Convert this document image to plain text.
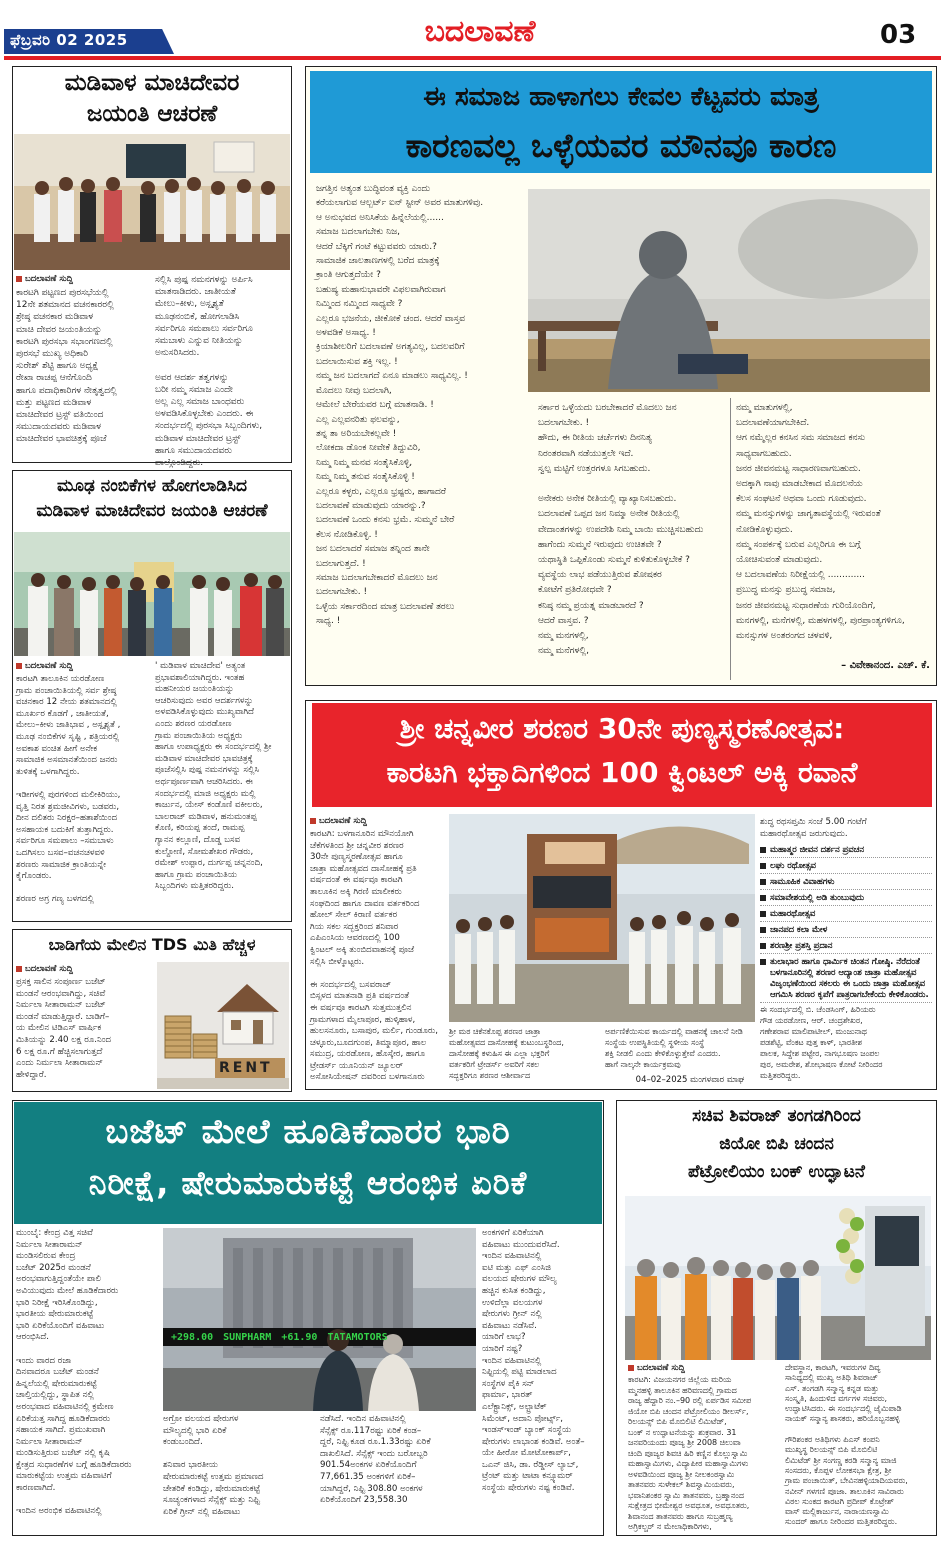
ಫೆಬ್ರವರಿ 02 2025	ಬದಲಾವಣೆ	03
ಮಡಿವಾಳ ಮಾಚಿದೇವರ
ಜಯಂತಿ ಆಚರಣೆ
ಬದಲಾವಣೆ ಸುದ್ದಿ
ಕಾರಟಗಿ ಪಟ್ಟಣದ ಪುರಸಭೆಯಲ್ಲಿ
12ನೇ ಶತಮಾನದ ವಚನಕಾರರಲ್ಲಿ
ಶ್ರೇಷ್ಠ ವಚನಕಾರ ಮಡಿವಾಳ
ಮಾಚಿ ದೇವರ ಜಯಂತಿಯನ್ನು
ಕಾರಟಗಿ ಪುರಸಭಾ ಸಭಾಂಗಣದಲ್ಲಿ
ಪುರಸಭೆ ಮುಖ್ಯ ಅಧಿಕಾರಿ
ಸುರೇಶ್ ಶೆಟ್ಟಿ ಹಾಗೂ ಅಧ್ಯಕ್ಷೆ
ರೇಖಾ ರಾಚಪ್ಪ ಆನೆಗೊಂದಿ
ಹಾಗೂ ಪದಾಧಿಕಾರಿಗಳ ನೇತೃತ್ವದಲ್ಲಿ
ಮತ್ತು ಪಟ್ಟಣದ ಮಡಿವಾಳ
ಮಾಚಿದೇವರ ಟ್ರಸ್ಟ್ ವತಿಯಿಂದ
ಸಮುದಾಯದವರು ಮಡಿವಾಳ
ಮಾಚಿದೇವರ ಭಾವಚಿತ್ರಕ್ಕೆ ಪೂಜೆ
ಸಲ್ಲಿಸಿ ಪುಷ್ಪ ನಮನಗಳನ್ನು ಅರ್ಪಿಸಿ
ಮಾತನಾಡಿದರು. ಜಾತೀಯತೆ
ಮೇಲು–ಕೀಳು, ಅಸ್ಪೃಶ್ಯತೆ
ಮೂಢನಂಬಿಕೆ, ಹೋಗಲಾಡಿಸಿ
ಸರ್ವರಿಗೂ ಸಮಪಾಲು ಸರ್ವರಿಗೂ
ಸಮಬಾಳು ಎನ್ನುವ ನೀತಿಯನ್ನು
ಅನುಸರಿಸಿದರು.

ಅವರ ಆದರ್ಶ ತತ್ವಗಳನ್ನು
ಬರೀ ನಮ್ಮ ಸಮಾಜ ಎಂದೇ
ಅಲ್ಲ ಎಲ್ಲ ಸಮಾಜ ಬಾಂಧವರು
ಅಳವಡಿಸಿಕೊಳ್ಳಬೇಕು ಎಂದರು. ಈ
ಸಂದರ್ಭದಲ್ಲಿ ಪುರಸಭಾ ಸಿಬ್ಬಂದಿಗಳು,
ಮಡಿವಾಳ ಮಾಚಿದೇವರ ಟ್ರಸ್ಟ್
ಹಾಗೂ ಸಮುದಾಯದವರು
ಪಾಲ್ಗೊಂಡಿದ್ದರು.
ಮೂಢ ನಂಬಿಕೆಗಳ ಹೋಗಲಾಡಿಸಿದ
ಮಡಿವಾಳ ಮಾಚಿದೇವರ ಜಯಂತಿ ಆಚರಣೆ
ಬದಲಾವಣೆ ಸುದ್ದಿ
ಕಾರಟಗಿ ತಾಲೂಕಿನ ಯರಡೋಣ
ಗ್ರಾಮ ಪಂಚಾಯಿತಿಯಲ್ಲಿ ಸರ್ವ ಶ್ರೇಷ್ಠ
ವಚನಕಾರ 12 ನೇಯ ಶತಮಾನದಲ್ಲಿ
ಮೂರ್ಖರ ಕೊಡಗೆ , ಜಾತೀಯತೆ,
ಮೇಲು–ಕೀಳು ಜಾತಿಭಾವ , ಅಸ್ಪೃಶ್ಯತೆ ,
ಮೂಢ ನಂಬಿಕೆಗಳ ಸೃಷ್ಟಿ , ಶತ್ರಿಯರಲ್ಲಿ
ಅವಕಾಶ ವಂಚಿತ ಹೀಗೆ ಅನೇಕ
ಸಾಮಾಜಿಕ ಅಸಮಾನತೆಯಿಂದ ಜನರು
ತುಳಿತಕ್ಕೆ ಒಳಗಾಗಿದ್ದರು.

ಇಡೀಗಳಲ್ಲಿ ಪುರಗಳಿಂದ ಮಲೀಕಿರಿಯು,
ವೃತ್ತಿ ನಿರತ ಶ್ರಮಜೀವಿಗಳು, ಬಡವರು,
ದೀನ ದಲಿತರು ನಿರಕ್ಷರ–ಹತಾಶೆಯಿಂದ
ಅಸಹಾಯಕ ಬದುಕಿಗೆ ತುತ್ತಾಗಿದ್ದರು.
ಸರ್ವರಿಗೂ ಸಮಪಾಲು –ಸಮಬಾಳು
ಒದಗಿಸಲು ಬಸವ–ವಚನಚಳವಳಿ
ಶರಣರು ಸಾಮಾಜಿಕ ಕ್ರಾಂತಿಯನ್ನೇ
ಕೈಗೊಂಡರು.

ಶರಣರ ಅಗ್ರ ಗಣ್ಯ ಬಳಗದಲ್ಲಿ
' ಮಡಿವಾಳ ಮಾಚಿದೇವ' ಅತ್ಯಂತ
ಪ್ರಭಾವಶಾಲಿಯಾಗಿದ್ದರು. ಇಂತಹ
ಮಹನೀಯರ ಜಯಂತಿಯನ್ನು
ಆಚರಿಸುವುದು ಅವರ ಆದರ್ಶಗಳನ್ನು
ಅಳವಡಿಸಿಕೊಳ್ಳುವುದು ಮುಖ್ಯವಾಗಿದೆ
ಎಂದು ಶರಣರ ಯರಡೋಣ
ಗ್ರಾಮ ಪಂಚಾಯಿತಿಯ ಅಧ್ಯಕ್ಷರು
ಹಾಗೂ ಉಪಾಧ್ಯಕ್ಷರು ಈ ಸಂದರ್ಭದಲ್ಲಿ ಶ್ರೀ
ಮಡಿವಾಳ ಮಾಚಿದೇವರ ಭಾವಚಿತ್ರಕ್ಕೆ
ಪೂಜೆಸಲ್ಲಿಸಿ ಪುಷ್ಪ ನಮನಗಳನ್ನು ಸಲ್ಲಿಸಿ
ಅರ್ಥಪೂರ್ಣವಾಗಿ ಆಚರಿಸಿದರು. ಈ
ಸಂದರ್ಭದಲ್ಲಿ ಮಾಜಿ ಅಧ್ಯಕ್ಷರು ಮಲ್ಲಿ
ಕಾರ್ಜುನ, ಯೇಸ್ ಕಂಡೊಣಿ ವಕೀಲರು,
ಬಾಲರಾಜ್ ಮಡಿವಾಳ, ಹನುಮಂತಪ್ಪ
ಕೊಣಿ, ಕರಿಯಪ್ಪ ತಂದೆ, ರಾಮಪ್ಪ
ಗ್ಯಾನನ ಕಲ್ಲೂಣಿ, ದೊಡ್ಡ ಬಸವ
ಕುಲ್ದೋಣಿ, ಸೋಮಶೇಖರ ಗೌಡರು,
ರಮೇಶ್ ಉಪ್ಪಾರ, ದುರ್ಗಪ್ಪ ಚನ್ನನಂದಿ,
ಹಾಗೂ ಗ್ರಾಮ ಪಂಚಾಯಿತಿಯ
ಸಿಬ್ಬಂದಿಗಳು ಮತ್ತಿತರರಿದ್ದರು.
ಬಾಡಿಗೆಯ ಮೇಲಿನ TDS ಮಿತಿ ಹೆಚ್ಚಳ
ಬದಲಾವಣೆ ಸುದ್ದಿ
ಪ್ರಸಕ್ತ ಸಾಲಿನ ಸಂಪೂರ್ಣ ಬಜೆಟ್
ಮಂಡನೆ ಆರಂಭವಾಗಿದ್ದು, ಸಚಿವೆ
ನಿರ್ಮಲಾ ಸೀತಾರಾಮನ್ ಬಜೆಟ್
ಮಂಡನೆ ಮಾಡುತ್ತಿದ್ದಾರೆ. ಬಾಡಿಗೆ–
ಯ ಮೇಲಿನ ಟಿಡಿಎಸ್ ವಾರ್ಷಿಕ
ಮಿತಿಯನ್ನು 2.40 ಲಕ್ಷ ರೂ.ನಿಂದ
6 ಲಕ್ಷ ರೂ.ಗೆ ಹೆಚ್ಚಿಸಲಾಗುತ್ತದೆ
ಎಂದು ನಿರ್ಮಲಾ ಸೀತಾರಾಮನ್
ಹೇಳಿದ್ದಾರೆ.	RENT
ಈ ಸಮಾಜ ಹಾಳಾಗಲು ಕೇವಲ ಕೆಟ್ಟವರು ಮಾತ್ರ
ಕಾರಣವಲ್ಲ ಒಳ್ಳೆಯವರ ಮೌನವೂ ಕಾರಣ
ಜಗತ್ತಿನ ಅತ್ಯಂತ ಬುದ್ಧಿವಂತ ವ್ಯಕ್ತಿ ಎಂದು
ಕರೆಯಲಾಗುವ ಆಲ್ಬರ್ಟ್ ಐನ್ ಸ್ಟೀನ್ ಅವರ ಮಾತುಗಳಿವು.
ಆ ಅನುಭವದ ಅನಿಸಿಕೆಯ ಹಿನ್ನೆಲೆಯಲ್ಲಿ......
ಸಮಾಜ ಬದಲಾಗಬೇಕು ನಿಜ,
ಆದರೆ ಬೆಕ್ಕಿಗೆ ಗಂಟೆ ಕಟ್ಟುವವರು ಯಾರು.?
ಸಾಮಾಜಿಕ ಜಾಲತಾಣಗಳಲ್ಲಿ ಬರೆದ ಮಾತ್ರಕ್ಕೆ
ಕ್ರಾಂತಿ ಆಗುತ್ತದೆಯೇ ?
ಬಹುಷ್ಯ ಮಹಾನುಭಾವರೇ ವಿಫಲವಾಗಿರುವಾಗ
ನಿಮ್ಮಿಂದ ನಮ್ಮಿಂದ ಸಾಧ್ಯವೇ ?
ಎಲ್ಲರೂ ಭಜನೆಯ, ಜೀಕೋಕೆ ಚಂದ. ಆದರೆ ವಾಸ್ತವ
ಅಳವಡಿಕೆ ಅಸಾಧ್ಯ. !
ಕ್ರಿಯಾಶೀಲರಿಗೆ ಬದಲಾವಣೆ ಅಗತ್ಯವಿಲ್ಲ, ಬದಲವರಿಗೆ
ಬದಲಾಯಿಸುವ ಶಕ್ತಿ ಇಲ್ಲ. !
ನಮ್ಮ ಜನ ಬದಲಾಗದೆ ಏನೂ ಮಾಡಲು ಸಾಧ್ಯವಿಲ್ಲ. !
ಮೊದಲು ನೀವು ಬದಲಾಗಿ,
ಆಮೇಲೆ ಬೇರೆಯವರ ಬಗ್ಗೆ ಮಾತನಾಡಿ. !
ಎಲ್ಲ ಎಲ್ಲವನರಿತು ಫಲವನ್ನು,
ತನ್ನ ತಾ ಅರಿಯಬೇಕಲ್ಲವೇ !
ಲೋಕದಾ ಡೊಂಕ ನೀವೇಕೆ ತಿದ್ದುವಿರಿ,
ನಿಮ್ಮ ನಿಮ್ಮ ಮನವ ಸಂತೈಸಿಕೊಳ್ಳಿ,
ನಿಮ್ಮ ನಿಮ್ಮ ತನುವ ಸಂತೈಸಿಕೊಳ್ಳಿ !
ಎಲ್ಲರೂ ಕಳ್ಳರು, ಎಲ್ಲರೂ ಭ್ರಷ್ಟರು, ಹಾಗಾದರೆ
ಬದಲಾವಣೆ ಮಾಡುವುದು ಯಾರನ್ನು.?
ಬದಲಾವಣೆ ಒಂದು ಕನಸು ಭ್ರಮೆ. ಸುಮ್ಮನೆ ಬೇರೆ
ಕೆಲಸ ನೋಡಿಕೊಳ್ಳಿ. !
ಜನ ಬದಲಾದರೆ ಸಮಾಜ ತನ್ನಿಂದ ತಾನೇ
ಬದಲಾಗುತ್ತದೆ. !
ಸಮಾಜ ಬದಲಾಗಬೇಕಾದರೆ ಮೊದಲು ಜನ
ಬದಲಾಗಬೇಕು. !
ಒಳ್ಳೆಯ ಸರ್ಕಾರದಿಂದ ಮಾತ್ರ ಬದಲಾವಣೆ ತರಲು
ಸಾಧ್ಯ. !
ಸರ್ಕಾರ ಒಳ್ಳೆಯದು ಬರಬೇಕಾದರೆ ಮೊದಲು ಜನ
ಬದಲಾಗಬೇಕು. !
ಹೌದು, ಈ ರೀತಿಯ ಚರ್ಚೆಗಳು ದಿನನಿತ್ಯ
ನಿರಂತರವಾಗಿ ನಡೆಯುತ್ತಲೇ ಇದೆ.
ಸ್ವಲ್ಪ ಮಟ್ಟಿಗೆ ಉತ್ತರಗಳೂ ಸಿಗಬಹುದು.

ಅನೇಕರು ಅನೇಕ ರೀತಿಯಲ್ಲಿ ವ್ಯಾಖ್ಯಾನಿಸಬಹುದು.
ಬದಲಾವಣೆ ಒಪ್ಪದ ಜನ ನಿಮ್ಮಾ ಅನೇಕ ರೀತಿಯಲ್ಲಿ
ವೇದಾಂತಗಳನ್ನು ಉಪದೇಶಿ ನಿಮ್ಮ ಬಾಯಿ ಮುಚ್ಚಿಸಬಹುದು
ಹಾಗೆಂದು ಸುಮ್ಮನೆ ಇರುವುದು ಉಚಿತವೇ ?
ಯಥಾಸ್ಥಿತಿ ಒಪ್ಪಿಕೊಂಡು ಸುಮ್ಮನೆ ಕುಳಿತುಕೊಳ್ಳಬೇಕೆ ?
ವ್ಯವಸ್ಥೆಯ ಲಾಭ ಪಡೆಯುತ್ತಿರುವ ಶೋಷಕರ
ಕೋಟೆಗೆ ಪ್ರತಿರೋಧವೇ ?
ಕನಿಷ್ಠ ನಮ್ಮ ಪ್ರಯತ್ನ ಮಾಡಬಾರದೆ ?
ಆದರೆ ವಾಸ್ತವ. ?
ನಮ್ಮ ಮನಗಳಲ್ಲಿ,
ನಮ್ಮ ಮನೆಗಳಲ್ಲಿ,
ನಮ್ಮ ಮಾತುಗಳಲ್ಲಿ,
ಬದಲಾವಣೆಯಾಗಬೇಕಿದೆ.
ಆಗ ನಮ್ಮೆಲ್ಲರ ಕನಸಿನ ಸಮ ಸಮಾಜದ ಕನಸು
ಸಾಧ್ಯವಾಗಬಹುದು.
ಜನರ ಜೀವನಮಟ್ಟ ಸಾಧಾರಣವಾಗಬಹುದು.
ಅದಕ್ಕಾಗಿ ನಾವು ಮಾಡಬೇಕಾದ ಮೊದಲನೆಯ
ಕೆಲಸ ಸಂಘಟನೆ ಅಥವಾ ಒಂದು ಗೂಡುವುದು.
ನಮ್ಮ ಮನಸ್ಸುಗಳನ್ನು ಜಾಗೃತಾವಸ್ಥೆಯಲ್ಲಿ ಇರುವಂತೆ
ನೋಡಿಕೊಳ್ಳುವುದು.
ನಮ್ಮ ಸಂಪರ್ಕಕ್ಕೆ ಬರುವ ಎಲ್ಲರಿಗೂ ಈ ಬಗ್ಗೆ
ಯೋಚಿಸುವಂತೆ ಮಾಡುವುದು.
ಆ ಬದಲಾವಣೆಯ ನಿರೀಕ್ಷೆಯಲ್ಲಿ .............
ಪ್ರಬುದ್ಧ ಮನಸ್ಸು ಪ್ರಬುದ್ಧ ಸಮಾಜ,
ಜನರ ಜೀವನಮಟ್ಟ ಸುಧಾರಣೆಯ ಗುರಿಯೊಂದಿಗೆ,
ಮನಗಳಲ್ಲಿ, ಮನೆಗಳಲ್ಲಿ, ಮಹಳಗಳಲ್ಲಿ, ಪುರಪ್ರಾಂತ್ಯಗಳಿಗೂ,
ಮನಸ್ಸುಗಳ ಅಂತರಂಗದ ಚಳವಳಿ,
– ವಿವೇಕಾನಂದ. ಎಚ್. ಕೆ.
ಶ್ರೀ ಚನ್ನವೀರ ಶರಣರ 30ನೇ ಪುಣ್ಯಸ್ಮರಣೋತ್ಸವ:
ಕಾರಟಗಿ ಭಕ್ತಾದಿಗಳಿಂದ 100 ಕ್ವಿಂಟಲ್ ಅಕ್ಕಿ ರವಾನೆ
ಬದಲಾವಣೆ ಸುದ್ದಿ
ಕಾರಟಗಿ: ಬಳಗಾನೂರಿನ ಮೌನಯೋಗಿ
ಚೆಕೆಗಳತಿಂದ ಶ್ರೀ ಚನ್ನವೀರ ಶರಣರ
30ನೇ ಪುಣ್ಯಸ್ಮರಣೋತ್ಸವ ಹಾಗೂ
ಜಾತ್ರಾ ಮಹೋತ್ಸವದ ದಾಸೋಹಕ್ಕೆ ಪ್ರತಿ
ವರ್ಷದಂತೆ ಈ ವರ್ಷವೂ ಕಾರಟಗಿ
ತಾಲೂಕಿನ ಅಕ್ಕಿ ಗಿರಣಿ ಮಾಲೀಕರು
ಸಂಘದಿಂದ ಹಾಗೂ ದಾವಣ ವರ್ತಕರಿಂದ
ಹೋಲ್ ಸೇಲ್ ಕಿರಾಣಿ ವರ್ತಕರ
ಗಿಯ ಸಕಲ ಸದ್ಭಕ್ತರಿಂದ ಶನಿವಾರ
ಎಪಿಎಂಸಿಯ ಆವರಣದಲ್ಲಿ 100
ಕ್ವಿಂಟಲ್ ಅಕ್ಕಿ ತುಂಬಿದವಾಹನಕ್ಕೆ ಪೂಜೆ
ಸಲ್ಲಿಸಿ ಬೀಳ್ಕೊಟ್ಟರು.

ಈ ಸಂದರ್ಭದಲ್ಲಿ ಬಸವರಾಜ್
ಬಿಸ್ಸಳದ ಮಾತನಾಡಿ ಪ್ರತಿ ವರ್ಷದಂತೆ
ಈ ವರ್ಷವೂ ಕಾರಟಗಿ ಸುತ್ತಮುತ್ತಲಿನ
ಗ್ರಾಮಗಳಾದ ಮೈಲಾಪೂರ, ಹುಳ್ಕಿಹಾಳ,
ಹುಲಸನೂರು, ಬಸಾಪುರ, ಮರ್ಲಿ, ಗುಂಡೂರು,
ಚಳ್ಳೂರು,ಬೂದಗುಂಪ, ತಿಮ್ಮಾಪೂರ, ಹಾಲ
ಸಮುದ್ರ, ಯರಡೋಣ, ಹೊಸ್ಕೇರ, ಹಾಗೂ
ಟ್ರೇಡರ್ಸ್ ಯೂನಿಯನ್ ಜ್ಯೂಲರ್
ಅಸೋಸಿಯೇಷನ್ ದವರಿಂದ ಬಳಗಾನೂರು
ಶ್ರೀ ಮಠ ಚಿಕೆನಕೊಪ್ಪ ಶರಣರ ಜಾತ್ರಾ
ಮಹೋತ್ಸವದ ದಾಸೋಹಕ್ಕೆ ಕುಟುಂಬಸ್ಥರಿಂದ,
ದಾಸೋಹಕ್ಕೆ ಕಳುಹಿಸ ಈ ಎಲ್ಲಾ ಭಕ್ತರಿಗೆ
ವರ್ತಕರಿಗೆ ಟ್ರೇಡರ್ಸ್ ಅವರಿಗೆ ಸಕಲ
ಸದ್ಭಕ್ತರಿಗೂ ಶರಣರ ಆಶೀರ್ವಾದ
ಅರ್ಪಣಿಕೆಯಿಸುವ ಕಾರ್ಯದಲ್ಲಿ ವಾಹನಕ್ಕೆ ಚಾಲನೆ ನೀಡಿ
ಸಂಸ್ಥೆಯ ಉಪಸ್ಥಿತಿಯಲ್ಲಿ ಸ್ಥಳೀಯ ಸಂಸ್ಥೆ
ಶಕ್ತಿ ನೀಡಲಿ ಎಂದು ಕೇಳಿಕೊಳ್ಳುತ್ತೇವೆ ಎಂದರು.
ಹಾಗೆ ನಾಲ್ಕನೇ ಕಾರ್ಯಕ್ರಮವು
04–02–2025 ಮಂಗಳವಾರ ಮಾಘ
ಶುದ್ಧ ರಥಸಪ್ತಮಿ ಸಂಜೆ 5.00 ಗಂಟೆಗೆ
ಮಹಾರಥೋತ್ಸವ ಜರುಗುವುದು.
ಮಹಾತ್ಮರ ಜೀವನ ದರ್ಶನ ಪ್ರವಚನ
ಲಘು ರಥೋತ್ಸವ
ಸಾಮೂಹಿಕ ವಿವಾಹಗಳು
ಸಮಾವೇಶಯಲ್ಲಿ ಅಡಿ ತುಂಬುವುದು
ಮಹಾರಥೋತ್ಸವ
ಜಾನಪದ ಕಲಾ ಮೇಳ
ಶರಣಶ್ರೀ ಪ್ರಶಸ್ತಿ ಪ್ರದಾನ
ತುಲಾಭಾರ ಹಾಗೂ ಧಾರ್ಮಿಕ ಚಿಂತನ ಗೋಷ್ಠಿ. ನೆರೆದಂತೆ ಬಳಗಾನೂರಿನಲ್ಲಿ ಶರಣರ ಆದ್ಯಾಂಶ ಜಾತ್ರಾ ಮಹೋತ್ಸವ ವಿಜೃಂಭಣೆಯಿಂದ ಸಕಲರು ಈ ಒಂದು ಜಾತ್ರಾ ಮಹೋತ್ಸವ ಆಗಮಿಸಿ ಶರಣರ ಕೃಪೆಗೆ ಪಾತ್ರರಾಗಬೇಕೆಂದು ಕೇಳಿಕೊಂಡರು.
ಈ ಸಂದರ್ಭದಲ್ಲಿ ಬಿ. ಚೆಂಡಸಿಂಗ್, ಹಿರಿಯರು
ಗೌಡ ಯರಡೋಣ, ಆರ್. ಚಂದ್ರಶೇಖರ,
ಗಣೇಶರಾವ ಮಾಲಿಪಾಟೀಲ್, ಮಂಜುನಾಥ
ಪಡಶೆಟ್ಟಿ, ವೆಂಕಟ ಪುತ್ತ ಕಾಳ್, ಭಾರತೀಶ
ಪಾಲಕ, ಸಿದ್ದೇಶ ಪಟ್ಟೇರ, ನಾಗಭೂಷಣ ಜಂಪಲ
ಪುರ, ಅಮರೇಶ, ಶೋಭಾಷಣ ಕೋಟೆ ನೀರಿಂದರ
ಮತ್ತಿತರರಿದ್ದರು.
ಬಜೆಟ್ ಮೇಲೆ ಹೂಡಿಕೆದಾರರ ಭಾರಿ
ನಿರೀಕ್ಷೆ, ಷೇರುಮಾರುಕಟ್ಟೆ ಆರಂಭಿಕ ಏರಿಕೆ
ಮುಂಬೈ: ಕೇಂದ್ರ ವಿತ್ತ ಸಚಿವೆ
ನಿರ್ಮಲಾ ಸೀತಾರಾಮನ್
ಮಂಡಿಸಲಿರುವ ಕೇಂದ್ರ
ಬಜೆಟ್ 2025ರ ಮಂಡನೆ
ಅರಂಭವಾಗುತ್ತಿದ್ದಂತೆಯೇ ಪಾಲಿ
ಅವಿಯುವುದು ಮೇಲೆ ಹೂಡಿಕೆದಾರರು
ಭಾರಿ ನಿರೀಕ್ಷೆ ಇರಿಸಿಕೊಂಡಿದ್ದು,
ಭಾರತೀಯ ಷೇರುಮಾರುಕಟ್ಟೆ
ಭಾರಿ ಏರಿಕೆಯೊಂದಿಗೆ ವಹಿವಾಟು
ಆರಂಭಿಸಿದೆ.

ಇಂದು ವಾರದ ರಜಾ
ದಿನವಾದರೂ ಬಜೆಟ್ ಮಂಡನೆ
ಹಿನ್ನಲೆಯಲ್ಲಿ ಷೇರುಮಾರುಕಟ್ಟೆ
ಚಾಲ್ತಿಯಲ್ಲಿದ್ದು, ಸ್ಥಾಪಿತ ನಲ್ಲಿ
ಅರಂಭವಾದ ವಹಿವಾಟಿನಲ್ಲಿ ಕ್ರಮೇಣ
ಏರಿಕೆಯತ್ತ ಸಾಗಿದ್ದ ಹೂಡಿಕೆದಾರರು
ಸಹಾಯಕ ಸಾಗಿದೆ. ಪ್ರಮುಖವಾಗಿ
ನಿರ್ಮಲಾ ಸೀತಾರಾಮನ್
ಮಂಡಿಸುತ್ತಿರುವ ಬಜೆಟ್ ನಲ್ಲಿ ಕೃಷಿ
ಕ್ಷೇತ್ರದ ಸುಧಾರಣೆಗಳ ಬಗ್ಗೆ ಹೂಡಿಕೆದಾರರು
ಮಾರುಕಟ್ಟೆಯ ಉತ್ತಮ ವಹಿವಾಟಿಗೆ
ಕಾರಣವಾಗಿದೆ.

ಇಂದಿನ ಅರಂಭಿಕ ವಹಿವಾಟಿನಲ್ಲಿ
+298.00 SUNPHARM +61.90 TATAMOTORS
ಅಗ್ರೋ ವಲಯದ ಷೇರುಗಳ
ಮೌಲ್ಯದಲ್ಲಿ ಭಾರಿ ಏರಿಕೆ
ಕಂಡುಬಂದಿದೆ.

ಶನಿವಾರ ಭಾರತೀಯ
ಷೇರುಮಾರುಕಟ್ಟೆ ಉತ್ತಮ ಪ್ರಮಾಣದ
ಚೇತರಿಕೆ ಕಂಡಿದ್ದು, ಷೇರುಮಾರುಕಟ್ಟೆ
ಸೂಚ್ಯಂಕಗಳಾದ ಸೆನ್ಸೆಕ್ಸ್ ಮತ್ತು ನಿಫ್ಟಿ
ಏರಿಕೆ ಗ್ರೀನ್ ನಲ್ಲಿ ವಹಿವಾಟು
ನಡೆಸಿದೆ. ಇಂದಿನ ವಹಿವಾಟಿನಲ್ಲಿ
ಸೆನ್ಸೆಕ್ಸ್ ರೂ.117ರಷ್ಟು ಏರಿಕೆ ಕಂಡ–
ದ್ದರೆ, ನಿಫ್ಟಿ ಕೂಡ ರೂ.1.33ರಷ್ಟು ಏರಿಕೆ
ದಾಖಲಿಸಿದೆ. ಸೆನ್ಸೆಕ್ಸ್ ಇಂದು ಬರೋಬ್ಬರಿ
901.54ಅಂಕಗಳ ಏರಿಕೆಯೊಂದಿಗೆ
77,661.35 ಅಂಕಗಳಿಗೆ ಏರಿಕೆ–
ಯಾಗಿದ್ದರೆ, ನಿಫ್ಟಿ 308.80 ಅಂಕಗಳ
ಏರಿಕೆಯೊಂದಿಗೆ 23,558.30
ಅಂಕಗಳಿಗೆ ಏರಿಕೆಯಾಗಿ
ವಹಿವಾಟು ಮುಂದುವರೆಸಿದೆ.
ಇಂದಿನ ವಹಿವಾಟಿನಲ್ಲಿ
ಐಟಿ ಮತ್ತು ಎಫ್ ಎಂಸಿಜಿ
ವಲಯದ ಷೇರುಗಳ ಮೌಲ್ಯ
ಹಚ್ಚಿನ ಕುಸಿತ ಕಂಡಿದ್ದು,
ಉಳಿದೆಲ್ಲಾ ವಲಯಗಳ
ಷೇರುಗಳು ಗ್ರೀನ್ ನಲ್ಲಿ
ವಹಿವಾಟು ನಡೆಸಿವೆ.
ಯಾರಿಗೆ ಲಾಭ?
ಯಾರಿಗೆ ನಷ್ಟ?
ಇಂದಿನ ವಹಿವಾಟಿನಲ್ಲಿ
ನಿಫ್ಟಿಯಲ್ಲಿ ಪಟ್ಟಿ ಮಾಡಲಾದ
ಸಂಸ್ಥೆಗಳ ಪೈಕಿ ಸನ್
ಫಾರ್ಮಾ, ಭಾರತ್
ಎಲೆಕ್ಟ್ರಾನಿಕ್ಸ್, ಅಲ್ಟ್ರಾಟೆಕ್
ಸಿಮೆಂಟ್, ಅದಾನಿ ಪೋರ್ಟ್ಸ್,
ಇಂಡಸ್ಇಂಡ್ ಬ್ಯಾಂಕ್ ಸಂಸ್ಥೆಯ
ಷೇರುಗಳು ಲಾಭಾಂಶ ಕಂಡಿವೆ. ಅಂತೆ–
ಯೇ ಹೀರೋ ಮೋಟೋಕಾರ್ಪ್,
ಒಎನ್ ಜಿಸಿ, ಡಾ. ರೆಡ್ಡೀಸ್ ಲ್ಯಾಬ್,
ಟ್ರೆಂಟ್ ಮತ್ತು ಟಾಟಾ ಕನ್ಸ್ಯೂಮರ್
ಸಂಸ್ಥೆಯ ಷೇರುಗಳು ನಷ್ಟ ಕಂಡಿವೆ.
ಸಚಿವ ಶಿವರಾಜ್ ತಂಗಡಗಿರಿಂದ
ಜಿಯೋ ಬಿಪಿ ಚಂದನ
ಪೆಟ್ರೋಲಿಯಂ ಬಂಕ್ ಉದ್ಘಾಟನೆ
ಬದಲಾವಣೆ ಸುದ್ದಿ
ಕಾರಟಗಿ: ವಿಜಯನಗರ ಜಿಲ್ಲೆಯ ಮರಿಯ
ಮ್ಮನಹಳ್ಳಿ ತಾಲೂಕಿನ ಹರಿವಣದಲ್ಲಿ ಗ್ರಾಮದ
ರಾಜ್ಯ ಹೆದ್ದಾರಿ ನಂ.–90 ರಲ್ಲಿ ಏರ್ಪಡಿಸ ಸಮೀಪ
ಜಿಯೋ ಬಿಪಿ ಚಂದನ ಪೆಟ್ರೋಲಿಯಂ ಡೀಲರ್ಸ್,
ರಿಲಯನ್ಸ್ ಬಿಪಿ ಮೊಬಿಲಿಟಿ ಲಿಮಿಟೆಡ್,
ಬಂಕ್ ನ ಉದ್ಘಾಟನೆಯನ್ನು ಶುಕ್ರವಾರ. 31
ಜನವರಿಯಂದು ಪೂಜ್ಯ ಶ್ರೀ 2008 ಚಿಲುವಾ
ಚಿಂದಿ ಪೂಜ್ಯರ ಶಿವಚಿ ಹಿರಿ ಕಣ್ಣಿನ ಕೊಲ್ಲುಸ್ವಾಮಿ
ಮಹಾಸ್ವಾಮಿಗಳು, ವಿದ್ಯಾಪೀಠ ಮಹಾಸ್ವಾಮಿಗಳು
ಅಳವಡಿಯಿಂದ ಪೂಜ್ಯ ಶ್ರೀ ನೀಲಕಂಠಸ್ವಾಮಿ
ತಾತನವರು ಸುಳೇಕಲ್ ಶಿವಸ್ವಾಮಿಯವರು,
ಭವಾನಿಶಂಕರ ಸ್ವಾಮಿ ತಾತನವರು, ಬ್ರಹ್ಮಾನಂದ
ಸುಕ್ಷೇತ್ರದ ಭೀಮೇಶ್ವರ ಅವಧೂತ, ಅವಧೂತರು,
ಶಿವಾನಂದ ತಾತನವರು ಹಾಗೂ ಸುಬ್ರಹ್ಮಣ್ಯ
ಅಗ್ರಿಕಲ್ಚರ್ ನ ಮೇಲಾಧಿಕಾರಿಗಳು,
ದೇವಸ್ಥಾನ, ಕಾರಟಗಿ, ಇವರುಗಳ ದಿವ್ಯ
ಸಾನಿಧ್ಯದಲ್ಲಿ ಮುಖ್ಯ ಅತಿಥಿ ಶಿವರಾಜ್
ಎಸ್. ತಂಗಡಗಿ ಸನ್ಮಾನ್ಯ ಕನ್ನಡ ಮತ್ತು
ಸಂಸ್ಕೃತಿ, ಹಿಂದುಳಿದ ವರ್ಗಗಳ ಸಚಿವರು,
ಉದ್ಘಾಟಿಸಿದರು. ಈ ಸಂದರ್ಭದಲ್ಲಿ ಜೈಮಿಪಾಡಿ
ನಾಯಕ್ ಸನ್ಮಾನ್ಯ ಶಾಸಕರು, ಹರಿಯೊಬ್ಬನಹಳ್ಳಿ

ಗೌರಿಶಂಕರ ಅತಿಥಿಗಳು ಪಿಎಸ್ ಕಂಪನಿ
ಮುಖ್ಯಸ್ಥ ರಿಲಯನ್ಸ್ ಬಿಪಿ ಮೊಬಿಲಿಟಿ
ಲಿಮಿಟೆಡ್ ಶ್ರೀ ಸಂಗಣ್ಣ ಕರಡಿ ಸನ್ಮಾನ್ಯ ಮಾಜಿ
ಸಂಸದರು, ಕೊಪ್ಪಳ ಲೋಕಸಭಾ ಕ್ಷೇತ್ರ, ಶ್ರೀ
ಗ್ರಾಮ ಪಂಚಾಯಿತ್, ಬೇವಿನಹಳ್ಳಿಯಾದಿಯವರು,
ನವೀನ್ ಗಳಗಣಿ ಪೂಜಾ. ತಾಲೂಕಿನ ಸಾವಿರಾರು
ವಿಠಲ ಸುಂಕದ ಕಾರಟಗಿ ಪ್ರದೀಪ್ ಕೊಟ್ರೇಶ್
ವಾಸ್ ಮಲ್ಲಿಕಾರ್ಜುನ, ನಾರಾಯಣಸ್ವಾಮಿ
ಸುಂದರ್ ಹಾಗೂ ನೀರಿಂದರ ಮತ್ತಿತರರಿದ್ದರು.
